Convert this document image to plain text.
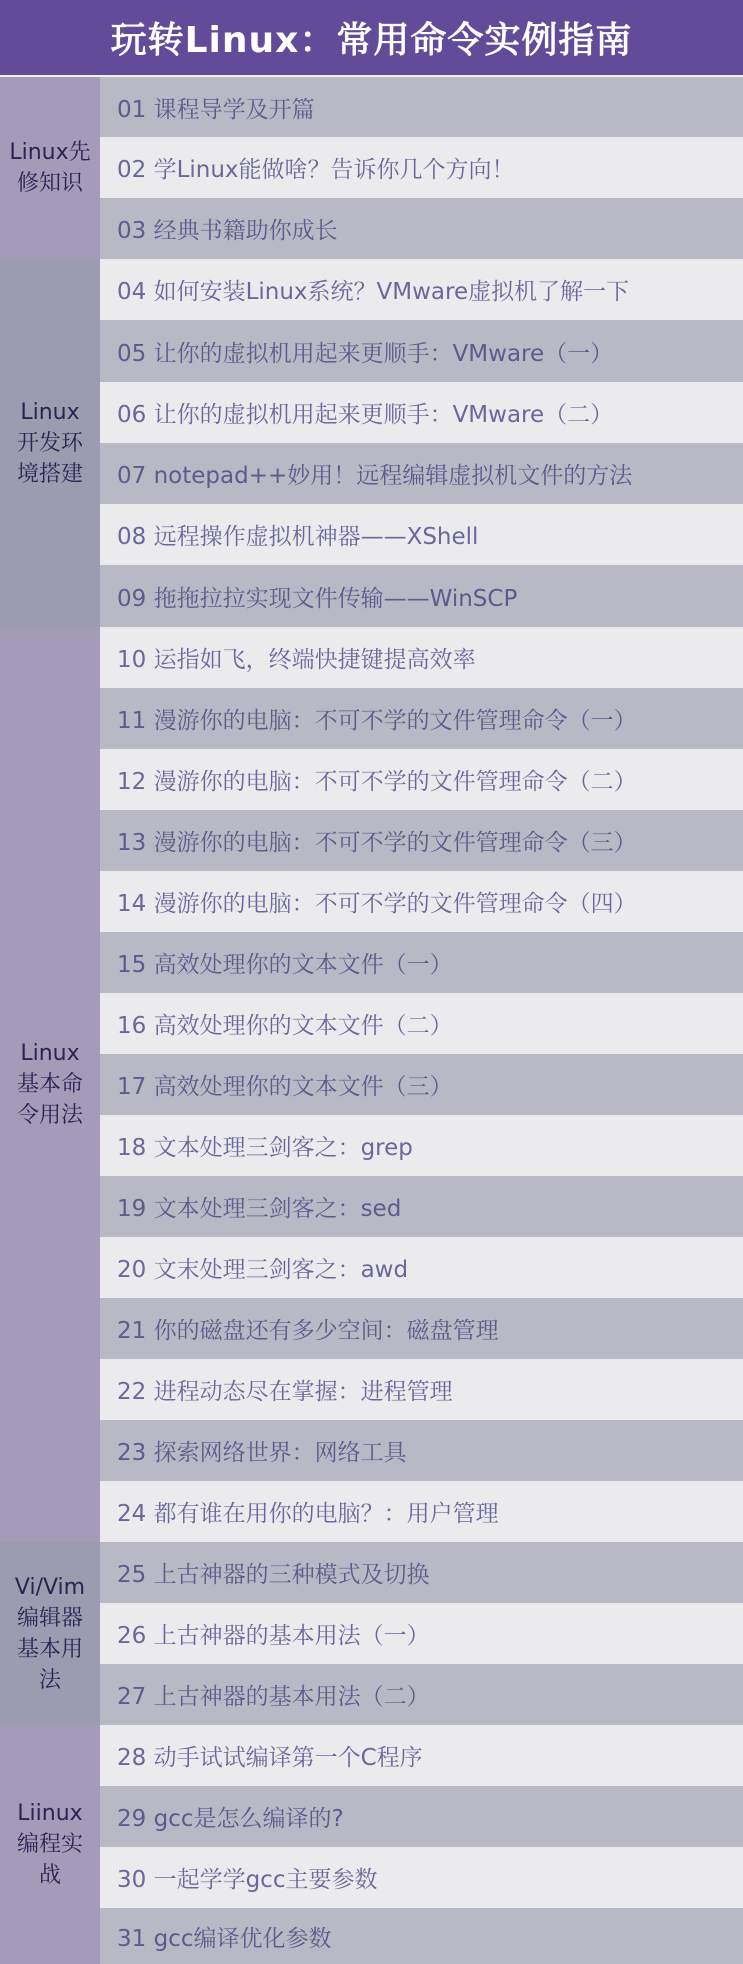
玩转Linux：常用命令实例指南
Linux先
修知识
Linux
开发环
境搭建
Linux
基本命
令用法
Vi/Vim
编辑器
基本用
法
Liinux
编程实
战
01 课程导学及开篇
02 学Linux能做啥？告诉你几个方向！
03 经典书籍助你成长
04 如何安装Linux系统？VMware虚拟机了解一下
05 让你的虚拟机用起来更顺手：VMware（一）
06 让你的虚拟机用起来更顺手：VMware（二）
07 notepad++妙用！远程编辑虚拟机文件的方法
08 远程操作虚拟机神器——XShell
09 拖拖拉拉实现文件传输——WinSCP
10 运指如飞，终端快捷键提高效率
11 漫游你的电脑：不可不学的文件管理命令（一）
12 漫游你的电脑：不可不学的文件管理命令（二）
13 漫游你的电脑：不可不学的文件管理命令（三）
14 漫游你的电脑：不可不学的文件管理命令（四）
15 高效处理你的文本文件（一）
16 高效处理你的文本文件（二）
17 高效处理你的文本文件（三）
18 文本处理三剑客之：grep
19 文本处理三剑客之：sed
20 文末处理三剑客之：awd
21 你的磁盘还有多少空间：磁盘管理
22 进程动态尽在掌握：进程管理
23 探索网络世界：网络工具
24 都有谁在用你的电脑？：用户管理
25 上古神器的三种模式及切换
26 上古神器的基本用法（一）
27 上古神器的基本用法（二）
28 动手试试编译第一个C程序
29 gcc是怎么编译的?
30 一起学学gcc主要参数
31 gcc编译优化参数
